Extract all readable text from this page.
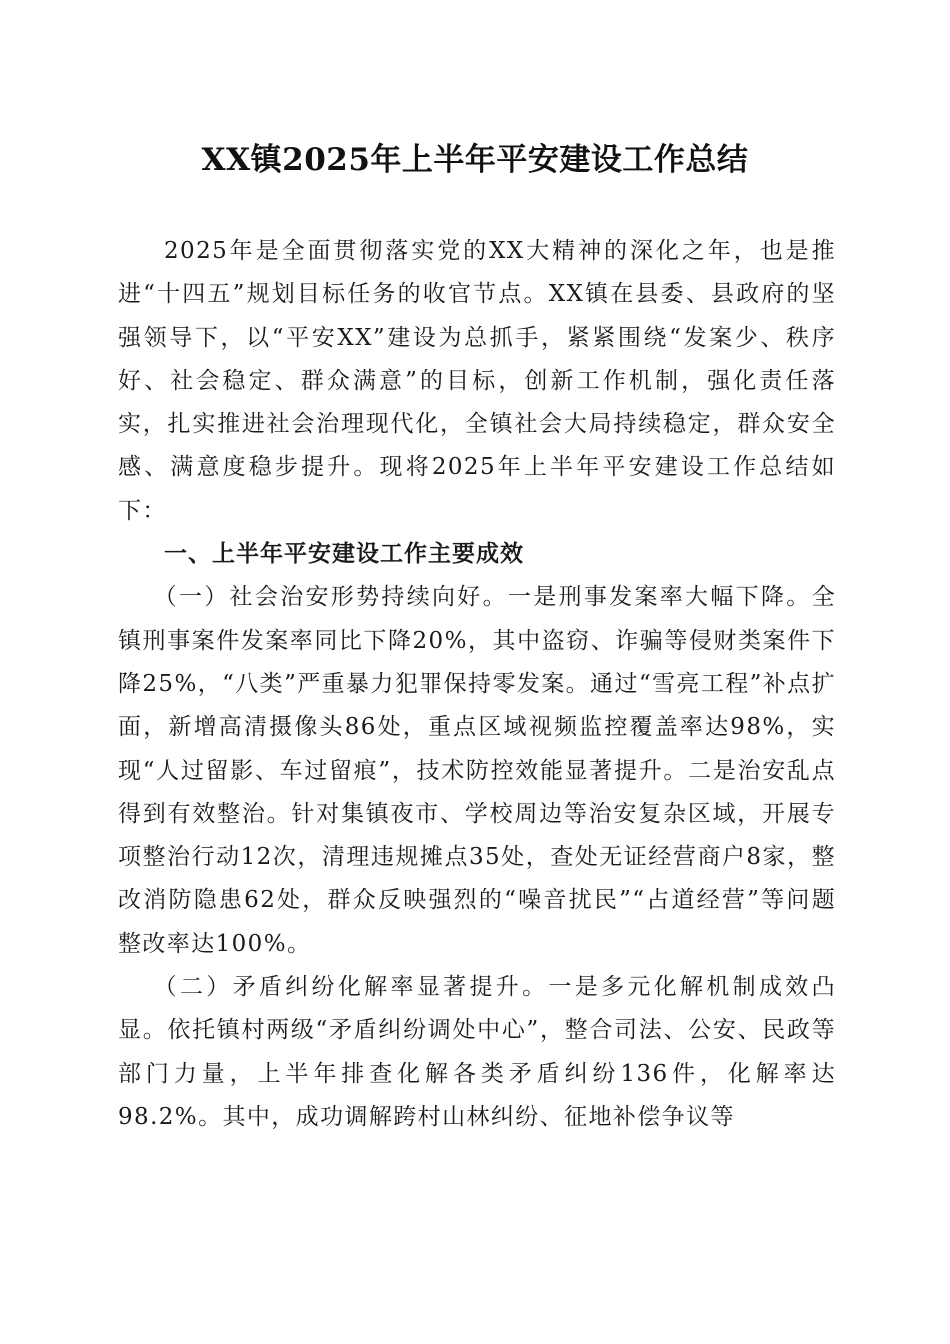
XX镇2025年上半年平安建设工作总结

2025年是全面贯彻落实党的XX大精神的深化之年，也是推进“十四五”规划目标任务的收官节点。XX镇在县委、县政府的坚强领导下，以“平安XX”建设为总抓手，紧紧围绕“发案少、秩序好、社会稳定、群众满意”的目标，创新工作机制，强化责任落实，扎实推进社会治理现代化，全镇社会大局持续稳定，群众安全感、满意度稳步提升。现将2025年上半年平安建设工作总结如下：

一、上半年平安建设工作主要成效

（一）社会治安形势持续向好。一是刑事发案率大幅下降。全镇刑事案件发案率同比下降20%，其中盗窃、诈骗等侵财类案件下降25%，“八类”严重暴力犯罪保持零发案。通过“雪亮工程”补点扩面，新增高清摄像头86处，重点区域视频监控覆盖率达98%，实现“人过留影、车过留痕”，技术防控效能显著提升。二是治安乱点得到有效整治。针对集镇夜市、学校周边等治安复杂区域，开展专项整治行动12次，清理违规摊点35处，查处无证经营商户8家，整改消防隐患62处，群众反映强烈的“噪音扰民”“占道经营”等问题整改率达100%。

（二）矛盾纠纷化解率显著提升。一是多元化解机制成效凸显。依托镇村两级“矛盾纠纷调处中心”，整合司法、公安、民政等部门力量，上半年排查化解各类矛盾纠纷136件，化解率达98.2%。其中，成功调解跨村山林纠纷、征地补偿争议等
